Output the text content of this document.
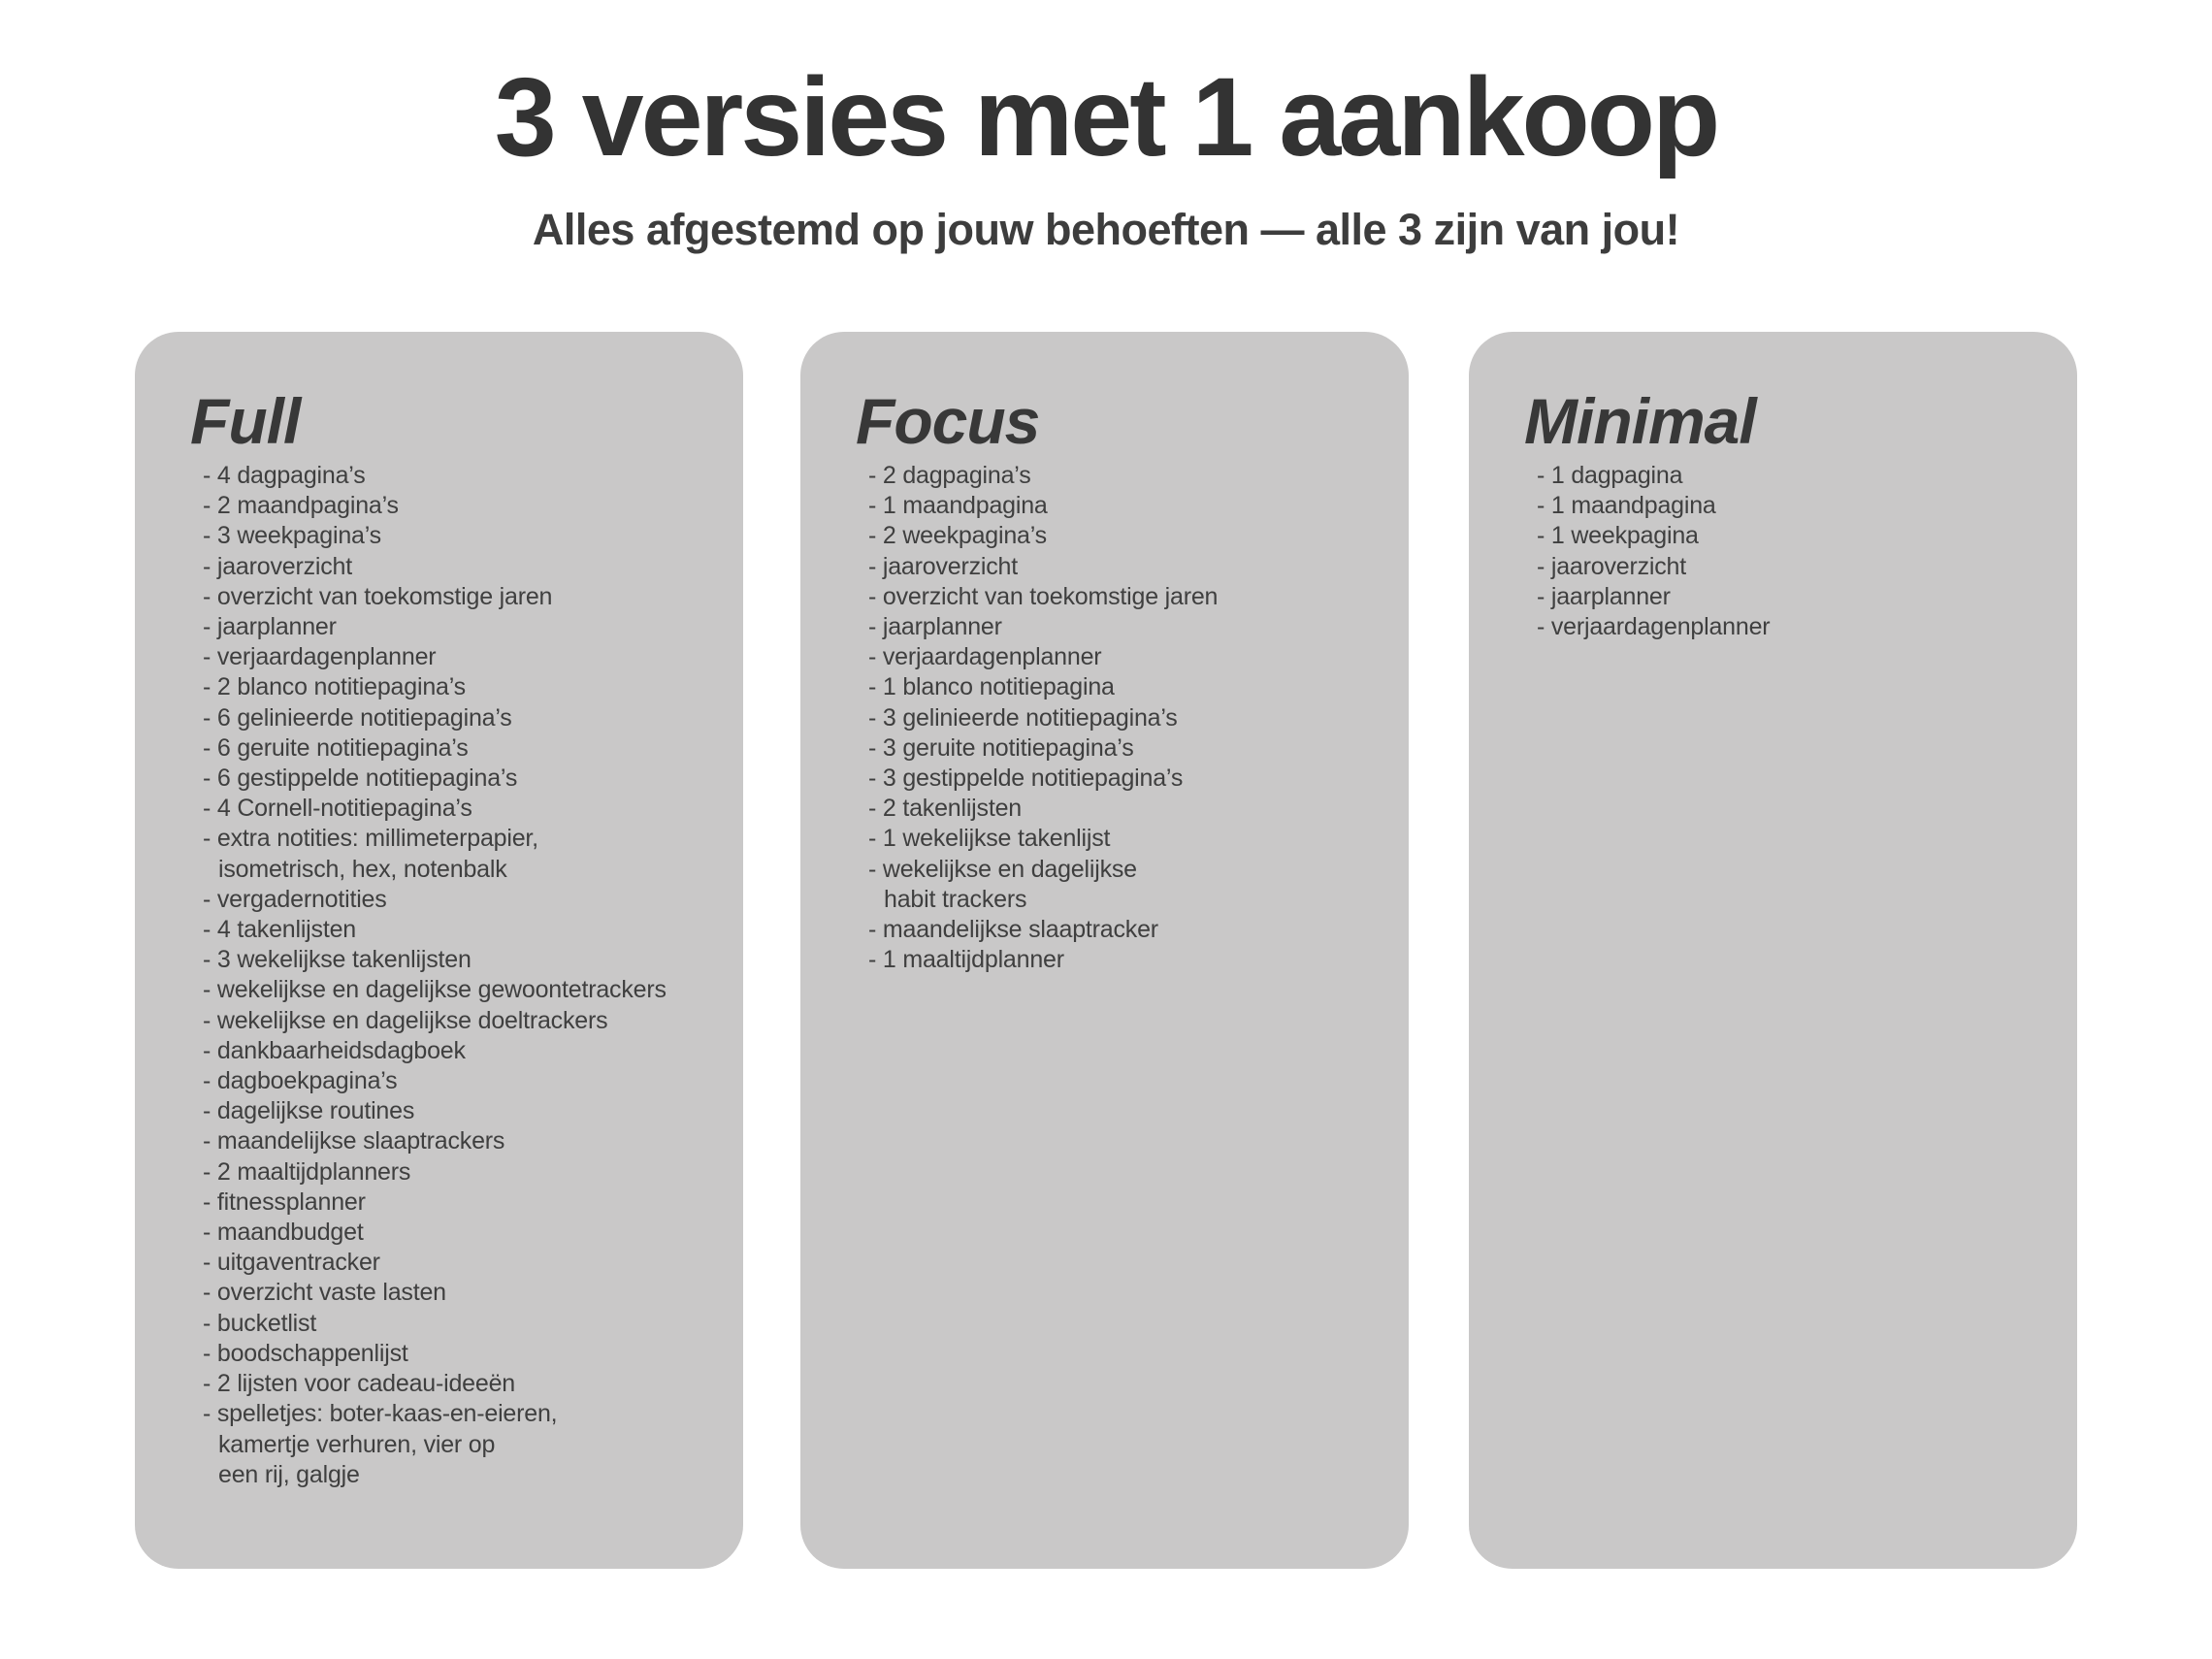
3 versies met 1 aankoop
Alles afgestemd op jouw behoeften — alle 3 zijn van jou!
Full
- 4 dagpagina’s
- 2 maandpagina’s
- 3 weekpagina’s
- jaaroverzicht
- overzicht van toekomstige jaren
- jaarplanner
- verjaardagenplanner
- 2 blanco notitiepagina’s
- 6 gelinieerde notitiepagina’s
- 6 geruite notitiepagina’s
- 6 gestippelde notitiepagina’s
- 4 Cornell-notitiepagina’s
- extra notities: millimeterpapier,
isometrisch, hex, notenbalk
- vergadernotities
- 4 takenlijsten
- 3 wekelijkse takenlijsten
- wekelijkse en dagelijkse gewoontetrackers
- wekelijkse en dagelijkse doeltrackers
- dankbaarheidsdagboek
- dagboekpagina’s
- dagelijkse routines
- maandelijkse slaaptrackers
- 2 maaltijdplanners
- fitnessplanner
- maandbudget
- uitgaventracker
- overzicht vaste lasten
- bucketlist
- boodschappenlijst
- 2 lijsten voor cadeau-ideeën
- spelletjes: boter-kaas-en-eieren,
kamertje verhuren, vier op
een rij, galgje
Focus
- 2 dagpagina’s
- 1 maandpagina
- 2 weekpagina’s
- jaaroverzicht
- overzicht van toekomstige jaren
- jaarplanner
- verjaardagenplanner
- 1 blanco notitiepagina
- 3 gelinieerde notitiepagina’s
- 3 geruite notitiepagina’s
- 3 gestippelde notitiepagina’s
- 2 takenlijsten
- 1 wekelijkse takenlijst
- wekelijkse en dagelijkse
habit trackers
- maandelijkse slaaptracker
- 1 maaltijdplanner
Minimal
- 1 dagpagina
- 1 maandpagina
- 1 weekpagina
- jaaroverzicht
- jaarplanner
- verjaardagenplanner
